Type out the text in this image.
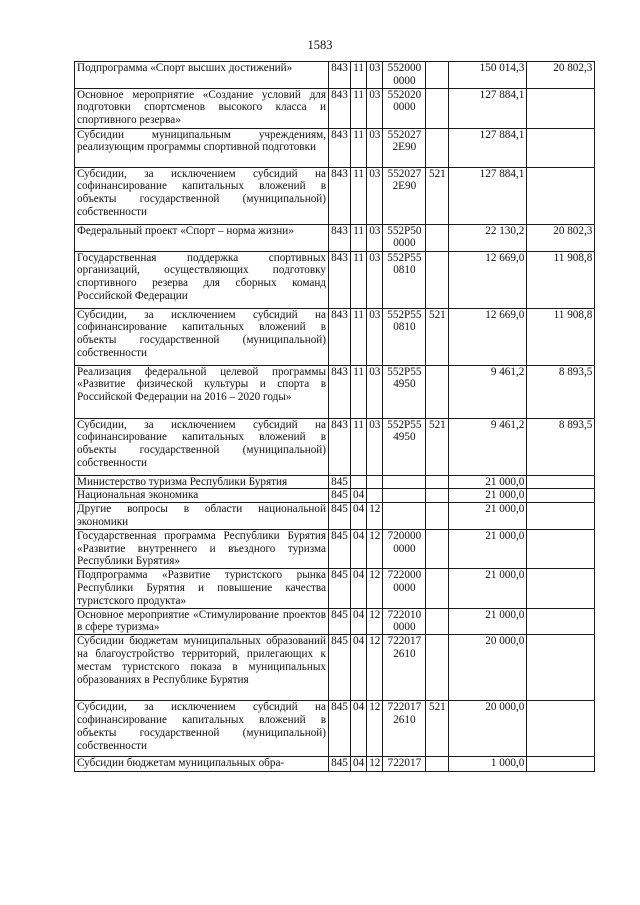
1583
Подпрограмма «Спорт высших достижений»	843	11	03	552000 0000		150 014,3	20 802,3
Основное мероприятие «Создание условий для подготовки спортсменов высокого класса и спортивного резерва»	843	11	03	552020 0000		127 884,1	
Субсидии муниципальным учреждениям, реализующим программы спортивной подготовки	843	11	03	552027 2E90		127 884,1	
Субсидии, за исключением субсидий на софинансирование капитальных вложений в объекты государственной (муниципальной) собственности	843	11	03	552027 2E90	521	127 884,1	
Федеральный проект «Спорт – норма жизни»	843	11	03	552P50 0000		22 130,2	20 802,3
Государственная поддержка спортивных организаций, осуществляющих подготовку спортивного резерва для сборных команд Российской Федерации	843	11	03	552P55 0810		12 669,0	11 908,8
Субсидии, за исключением субсидий на софинансирование капитальных вложений в объекты государственной (муниципальной) собственности	843	11	03	552P55 0810	521	12 669,0	11 908,8
Реализация федеральной целевой программы «Развитие физической культуры и спорта в Российской Федерации на 2016 – 2020 годы»	843	11	03	552P55 4950		9 461,2	8 893,5
Субсидии, за исключением субсидий на софинансирование капитальных вложений в объекты государственной (муниципальной) собственности	843	11	03	552P55 4950	521	9 461,2	8 893,5
Министерство туризма Республики Бурятия	845					21 000,0	
Национальная экономика	845	04				21 000,0	
Другие вопросы в области национальной экономики	845	04	12			21 000,0	
Государственная программа Республики Бурятия «Развитие внутреннего и въездного туризма Республики Бурятия»	845	04	12	720000 0000		21 000,0	
Подпрограмма «Развитие туристского рынка Республики Бурятия и повышение качества туристского продукта»	845	04	12	722000 0000		21 000,0	
Основное мероприятие «Стимулирование проектов в сфере туризма»	845	04	12	722010 0000		21 000,0	
Субсидии бюджетам муниципальных образований на благоустройство территорий, прилегающих к местам туристского показа в муниципальных образованиях в Республике Бурятия	845	04	12	722017 2610		20 000,0	
Субсидии, за исключением субсидий на софинансирование капитальных вложений в объекты государственной (муниципальной) собственности	845	04	12	722017 2610	521	20 000,0	
Субсидии бюджетам муниципальных обра-	845	04	12	722017		1 000,0	
